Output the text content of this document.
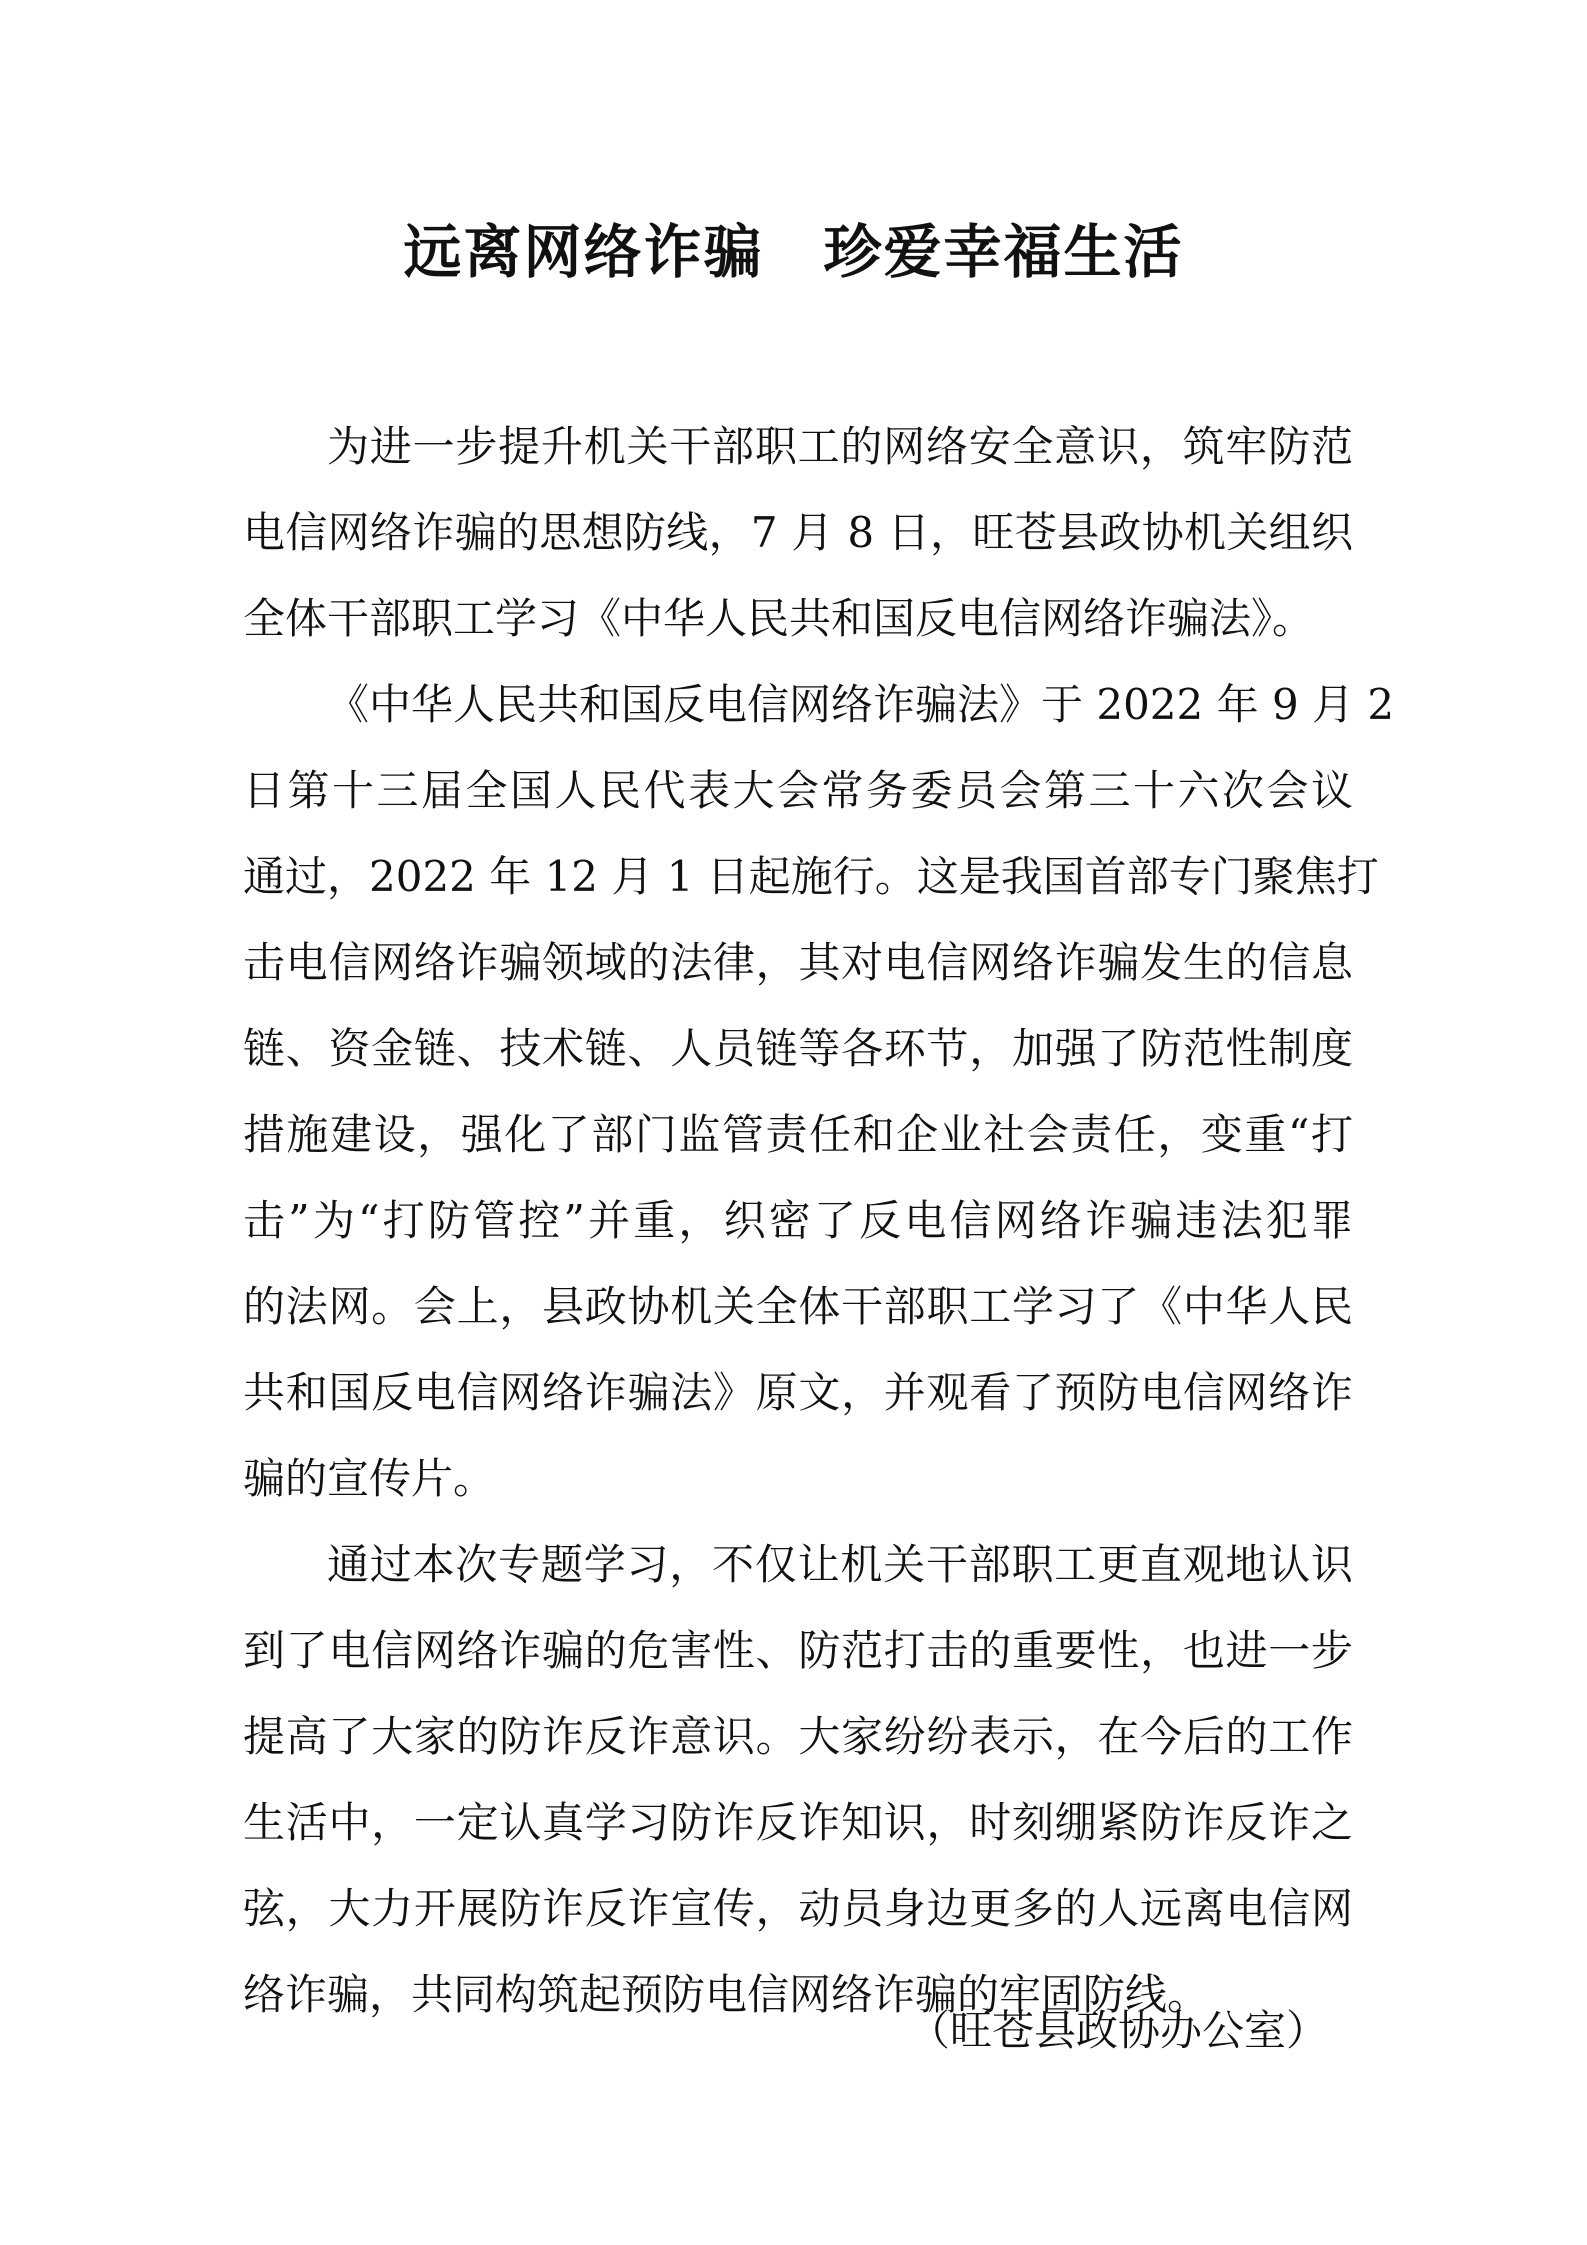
远离网络诈骗　珍爱幸福生活
为进一步提升机关干部职工的网络安全意识，筑牢防范
电信网络诈骗的思想防线，7 月 8 日，旺苍县政协机关组织
全体干部职工学习《中华人民共和国反电信网络诈骗法》。
《中华人民共和国反电信网络诈骗法》于 2022 年 9 月 2
日第十三届全国人民代表大会常务委员会第三十六次会议
通过，2022 年 12 月 1 日起施行。这是我国首部专门聚焦打
击电信网络诈骗领域的法律，其对电信网络诈骗发生的信息
链、资金链、技术链、人员链等各环节，加强了防范性制度
措施建设，强化了部门监管责任和企业社会责任，变重“打
击”为“打防管控”并重，织密了反电信网络诈骗违法犯罪
的法网。会上，县政协机关全体干部职工学习了《中华人民
共和国反电信网络诈骗法》原文，并观看了预防电信网络诈
骗的宣传片。
通过本次专题学习，不仅让机关干部职工更直观地认识
到了电信网络诈骗的危害性、防范打击的重要性，也进一步
提高了大家的防诈反诈意识。大家纷纷表示，在今后的工作
生活中，一定认真学习防诈反诈知识，时刻绷紧防诈反诈之
弦，大力开展防诈反诈宣传，动员身边更多的人远离电信网
络诈骗，共同构筑起预防电信网络诈骗的牢固防线。
（旺苍县政协办公室）
